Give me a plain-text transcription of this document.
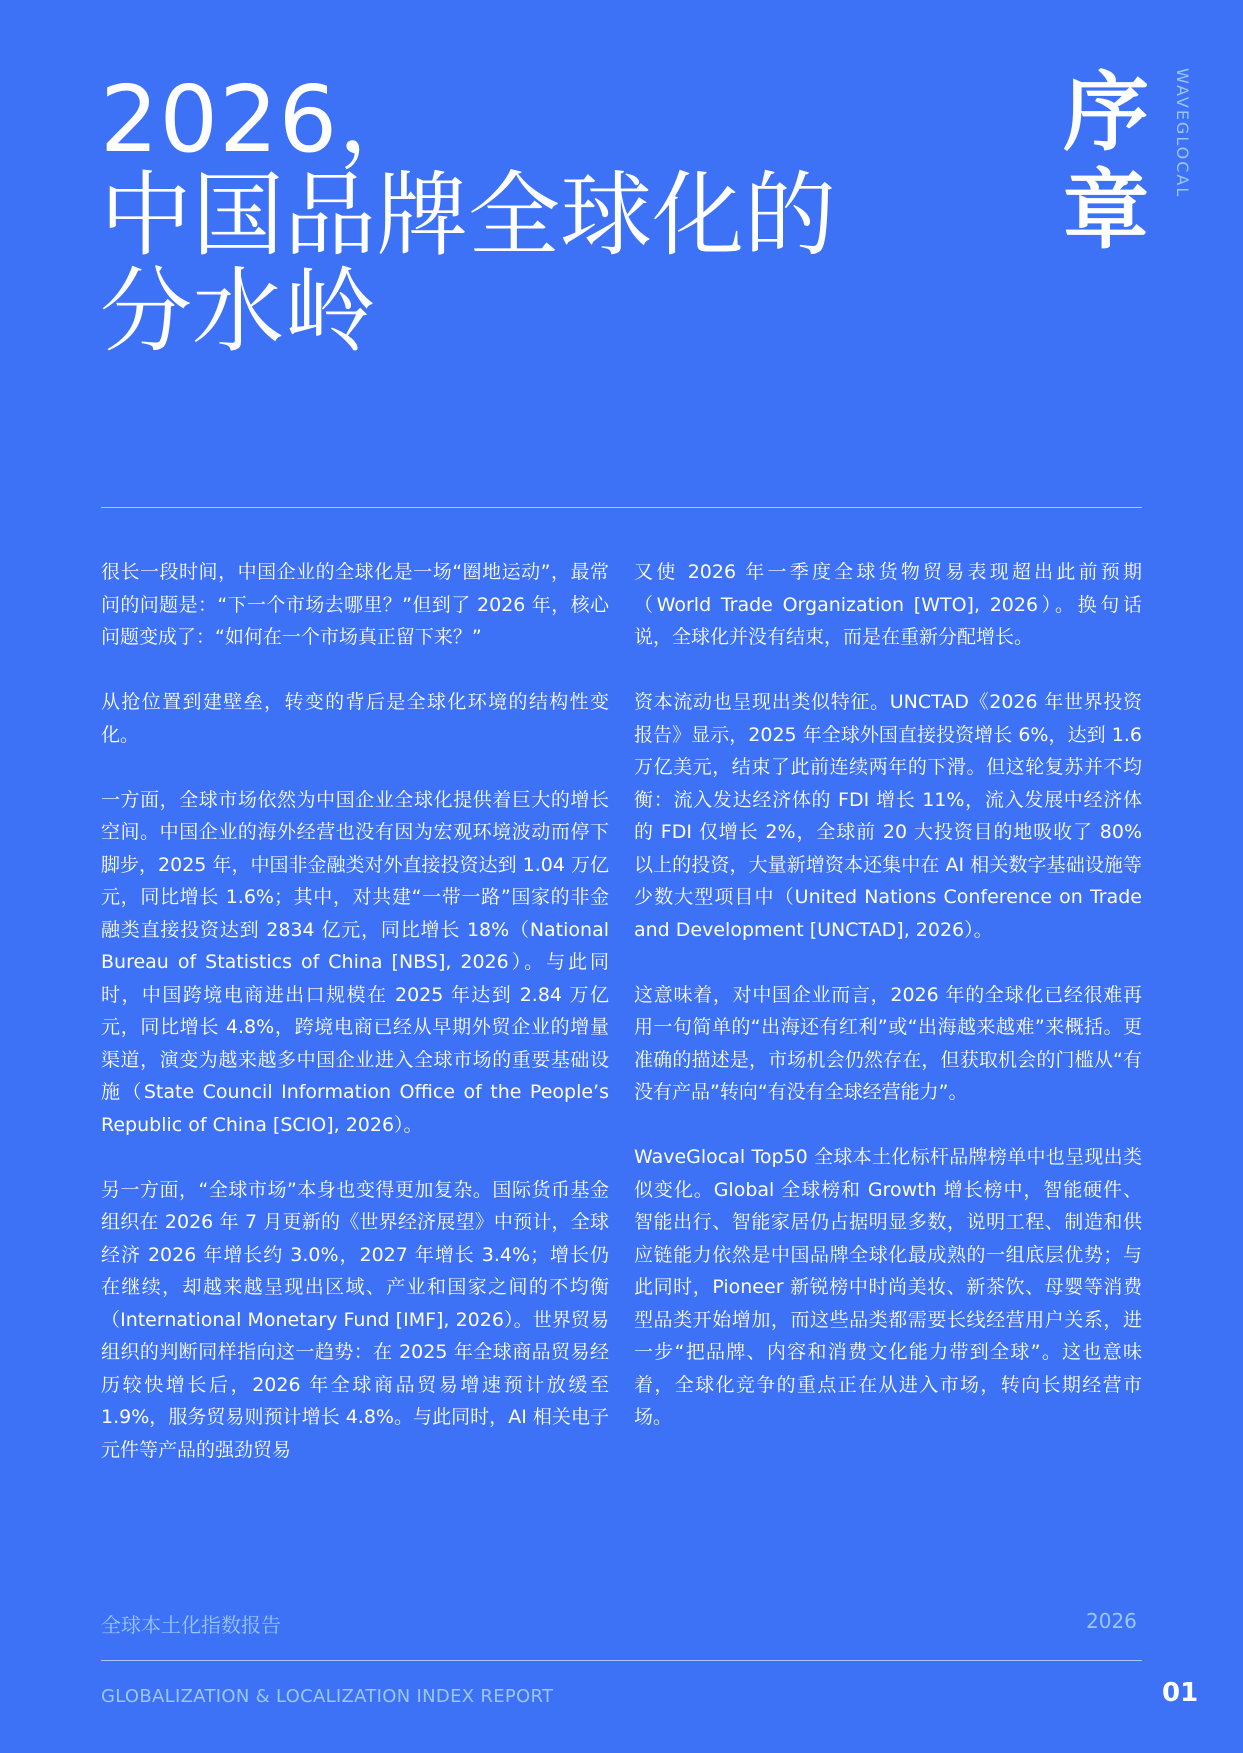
2026，
中国品牌全球化的
分水岭
序
章
WAVEGLOCAL

很长一段时间，中国企业的全球化是一场“圈地运动”，最常问的问题是：“下一个市场去哪里？”但到了 2026 年，核心问题变成了：“如何在一个市场真正留下来？”

从抢位置到建壁垒，转变的背后是全球化环境的结构性变化。

一方面，全球市场依然为中国企业全球化提供着巨大的增长空间。中国企业的海外经营也没有因为宏观环境波动而停下脚步，2025 年，中国非金融类对外直接投资达到 1.04 万亿元，同比增长 1.6%；其中，对共建“一带一路”国家的非金融类直接投资达到 2834 亿元，同比增长 18%（National Bureau of Statistics of China [NBS], 2026）。与此同时，中国跨境电商进出口规模在 2025 年达到 2.84 万亿元，同比增长 4.8%，跨境电商已经从早期外贸企业的增量渠道，演变为越来越多中国企业进入全球市场的重要基础设施（State Council Information Office of the People’s Republic of China [SCIO], 2026）。

另一方面，“全球市场”本身也变得更加复杂。国际货币基金组织在 2026 年 7 月更新的《世界经济展望》中预计，全球经济 2026 年增长约 3.0%，2027 年增长 3.4%；增长仍在继续，却越来越呈现出区域、产业和国家之间的不均衡（International Monetary Fund [IMF], 2026）。世界贸易组织的判断同样指向这一趋势：在 2025 年全球商品贸易经历较快增长后，2026 年全球商品贸易增速预计放缓至 1.9%，服务贸易则预计增长 4.8%。与此同时，AI 相关电子元件等产品的强劲贸易

又使 2026 年一季度全球货物贸易表现超出此前预期（World Trade Organization [WTO], 2026）。换句话说，全球化并没有结束，而是在重新分配增长。

资本流动也呈现出类似特征。UNCTAD《2026 年世界投资报告》显示，2025 年全球外国直接投资增长 6%，达到 1.6 万亿美元，结束了此前连续两年的下滑。但这轮复苏并不均衡：流入发达经济体的 FDI 增长 11%，流入发展中经济体的 FDI 仅增长 2%，全球前 20 大投资目的地吸收了 80% 以上的投资，大量新增资本还集中在 AI 相关数字基础设施等少数大型项目中（United Nations Conference on Trade and Development [UNCTAD], 2026）。

这意味着，对中国企业而言，2026 年的全球化已经很难再用一句简单的“出海还有红利”或“出海越来越难”来概括。更准确的描述是，市场机会仍然存在，但获取机会的门槛从“有没有产品”转向“有没有全球经营能力”。

WaveGlocal Top50 全球本土化标杆品牌榜单中也呈现出类似变化。Global 全球榜和 Growth 增长榜中，智能硬件、智能出行、智能家居仍占据明显多数，说明工程、制造和供应链能力依然是中国品牌全球化最成熟的一组底层优势；与此同时，Pioneer 新锐榜中时尚美妆、新茶饮、母婴等消费型品类开始增加，而这些品类都需要长线经营用户关系，进一步“把品牌、内容和消费文化能力带到全球”。这也意味着，全球化竞争的重点正在从进入市场，转向长期经营市场。

全球本土化指数报告	2026
GLOBALIZATION & LOCALIZATION INDEX REPORT	01
